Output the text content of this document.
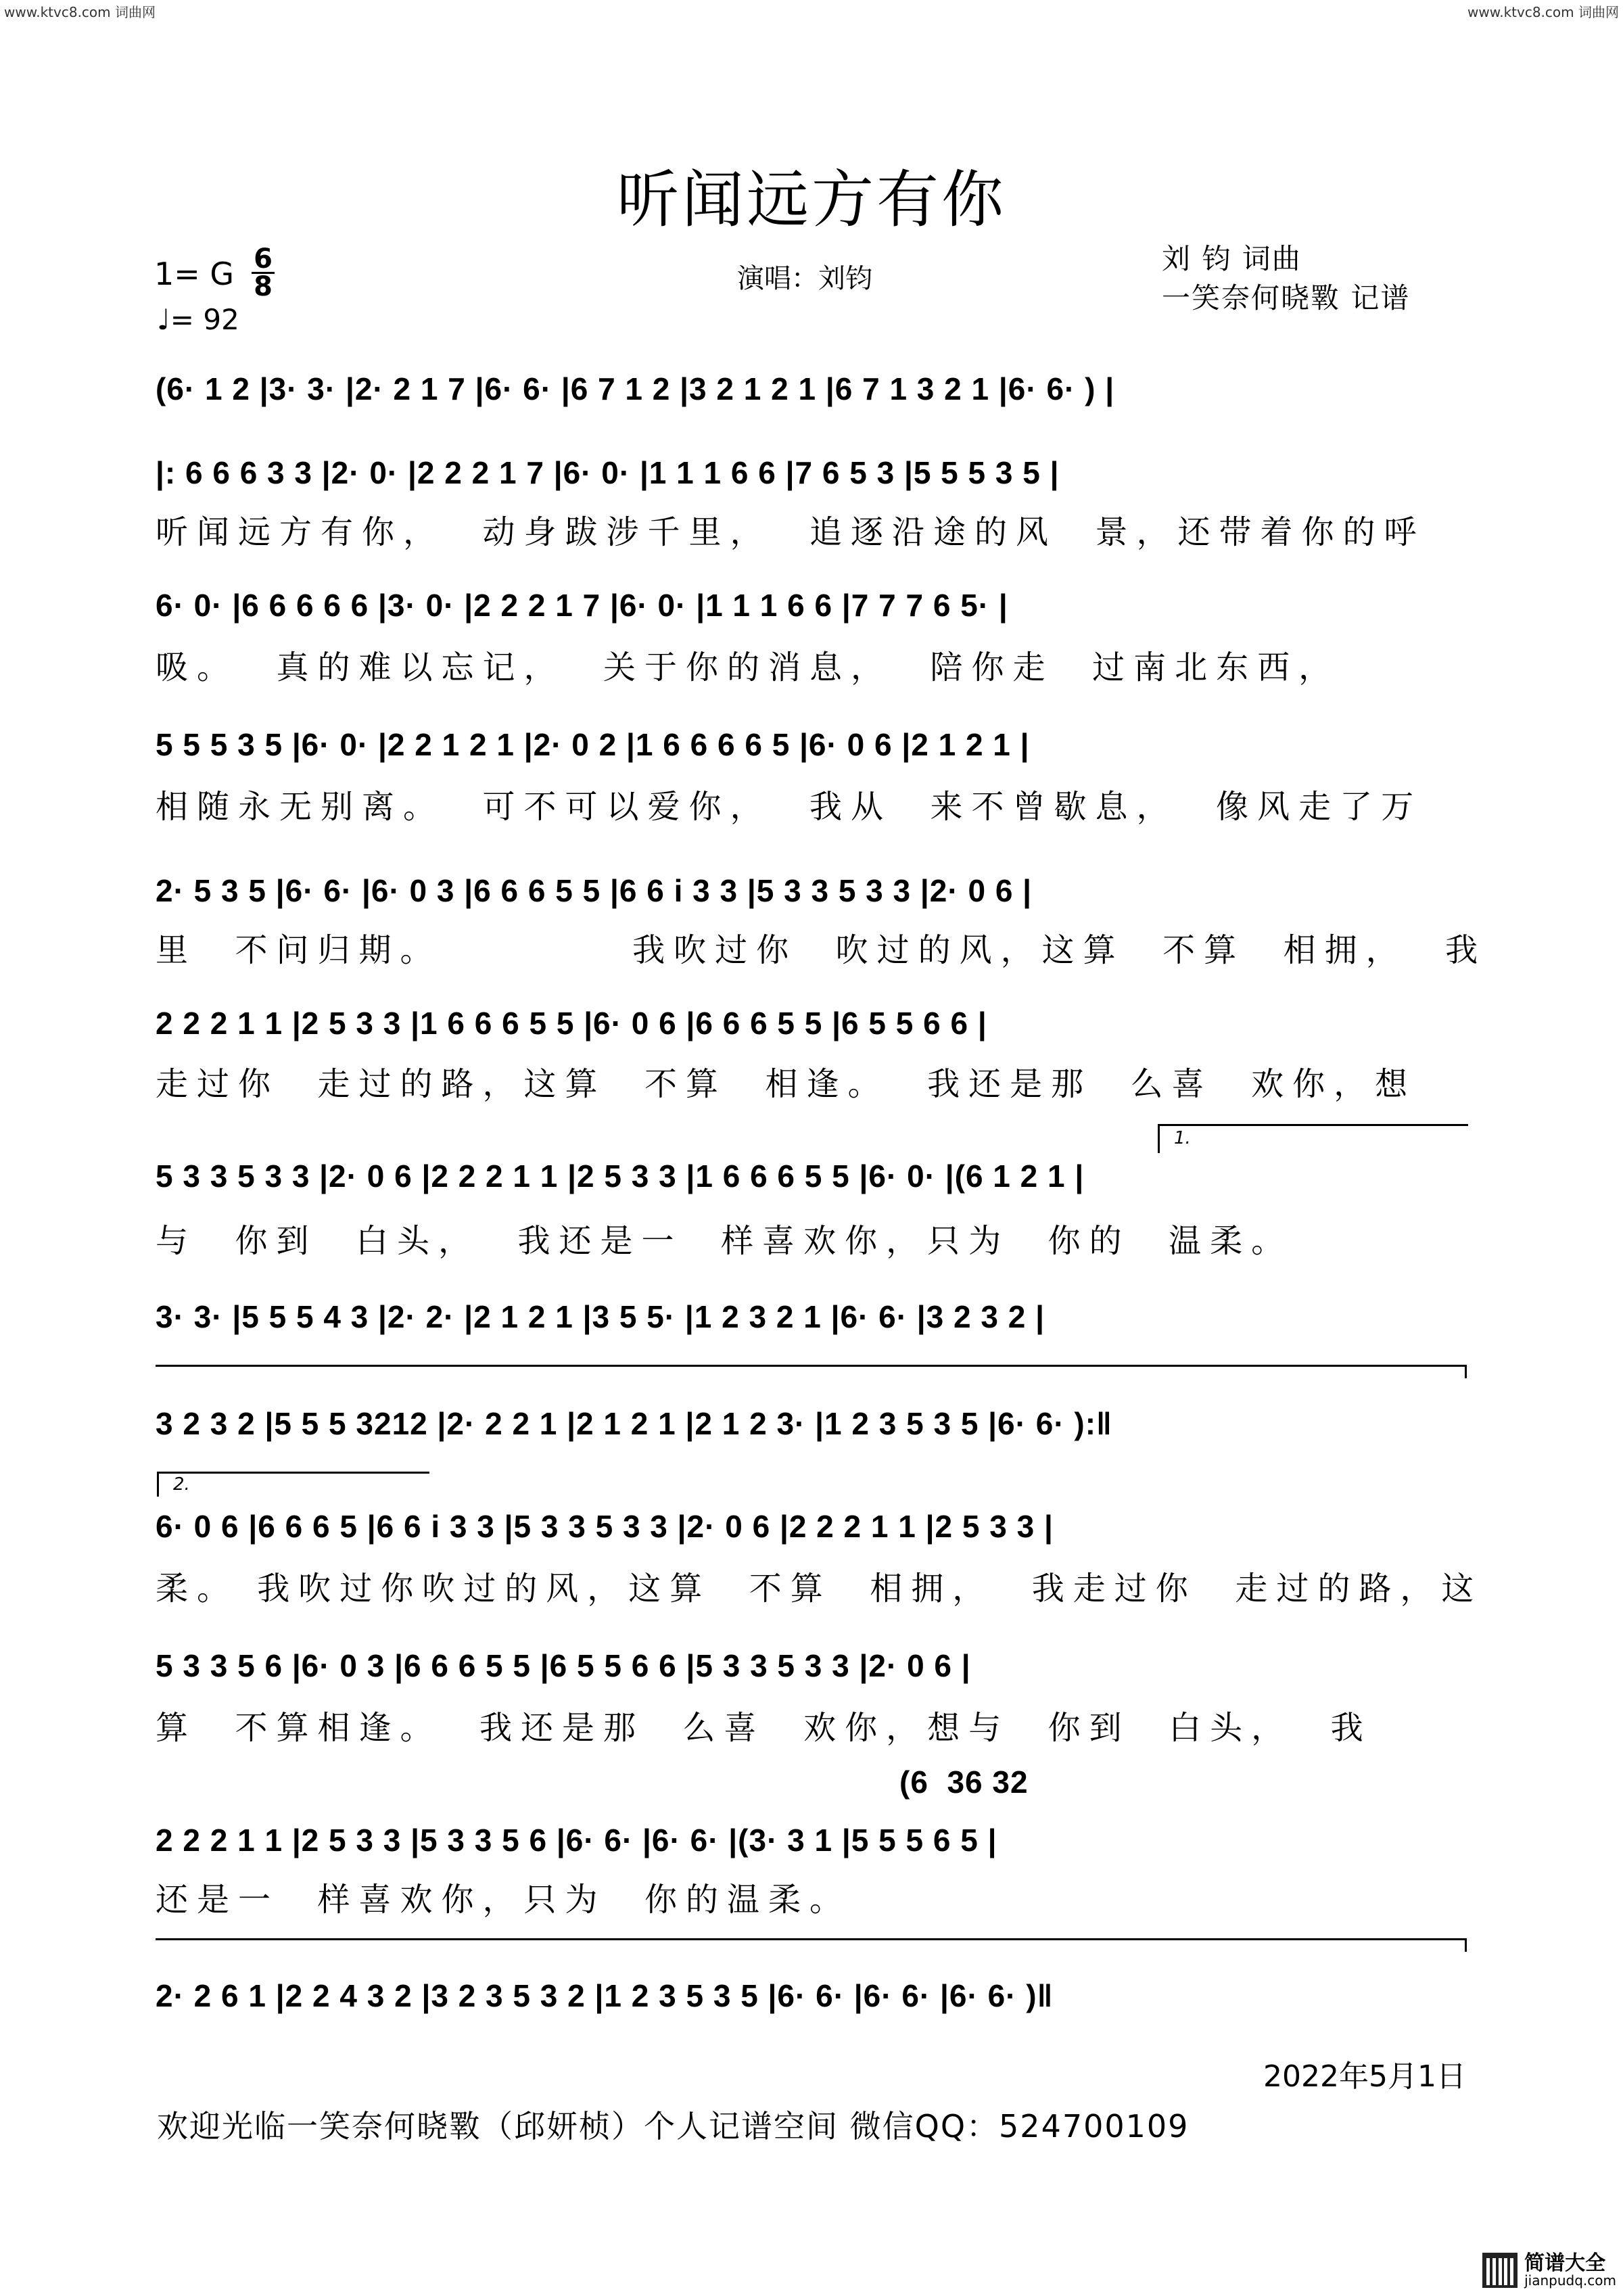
www.ktvc8.com 词曲网	www.ktvc8.com 词曲网
听闻远方有你
1= G 6
8
♩= 92
演唱：刘钧
刘 钧 词曲
一笑奈何晓斁 记谱
(6· 1 2 |3· 3· |2· 2 1 7 |6· 6· |6 7 1 2 |3 2 1 2 1 |6 7 1 3 2 1 |6· 6· ) |
|: 6 6 6 3 3 |2· 0· |2 2 2 1 7 |6· 0· |1 1 1 6 6 |7 6 5 3 |5 5 5 3 5 |
听闻远方有你，  动身跋涉千里，  追逐沿途的风  景，还带着你的呼
6· 0· |6 6 6 6 6 |3· 0· |2 2 2 1 7 |6· 0· |1 1 1 6 6 |7 7 7 6 5· |
吸。  真的难以忘记，  关于你的消息，  陪你走  过南北东西，
5 5 5 3 5 |6· 0· |2 2 1 2 1 |2· 0 2 |1 6 6 6 6 5 |6· 0 6 |2 1 2 1 |
相随永无别离。  可不可以爱你，  我从  来不曾歇息，  像风走了万
2· 5 3 5 |6· 6· |6· 0 3 |6 6 6 5 5 |6 6 i 3 3 |5 3 3 5 3 3 |2· 0 6 |
里  不问归期。          我吹过你  吹过的风，这算  不算  相拥，  我
2 2 2 1 1 |2 5 3 3 |1 6 6 6 5 5 |6· 0 6 |6 6 6 5 5 |6 5 5 6 6 |
走过你  走过的路，这算  不算  相逢。  我还是那  么喜  欢你，想
1.
5 3 3 5 3 3 |2· 0 6 |2 2 2 1 1 |2 5 3 3 |1 6 6 6 5 5 |6· 0· |(6 1 2 1 |
与  你到  白头，  我还是一  样喜欢你，只为  你的  温柔。
3· 3· |5 5 5 4 3 |2· 2· |2 1 2 1 |3 5 5· |1 2 3 2 1 |6· 6· |3 2 3 2 |
3 2 3 2 |5 5 5 3212 |2· 2 2 1 |2 1 2 1 |2 1 2 3· |1 2 3 5 3 5 |6· 6· ):‖
2.
6· 0 6 |6 6 6 5 |6 6 i 3 3 |5 3 3 5 3 3 |2· 0 6 |2 2 2 1 1 |2 5 3 3 |
柔。 我吹过你吹过的风，这算  不算  相拥，  我走过你  走过的路，这
5 3 3 5 6 |6· 0 3 |6 6 6 5 5 |6 5 5 6 6 |5 3 3 5 3 3 |2· 0 6 |
算  不算相逢。  我还是那  么喜  欢你，想与  你到  白头，  我
(6  36 32
2 2 2 1 1 |2 5 3 3 |5 3 3 5 6 |6· 6· |6· 6· |(3· 3 1 |5 5 5 6 5 |
还是一  样喜欢你，只为  你的温柔。
2· 2 6 1 |2 2 4 3 2 |3 2 3 5 3 2 |1 2 3 5 3 5 |6· 6· |6· 6· |6· 6· )‖
2022年5月1日
欢迎光临一笑奈何晓斁（邱妍桢）个人记谱空间 微信QQ：524700109
简谱大全
jianpudq.com
